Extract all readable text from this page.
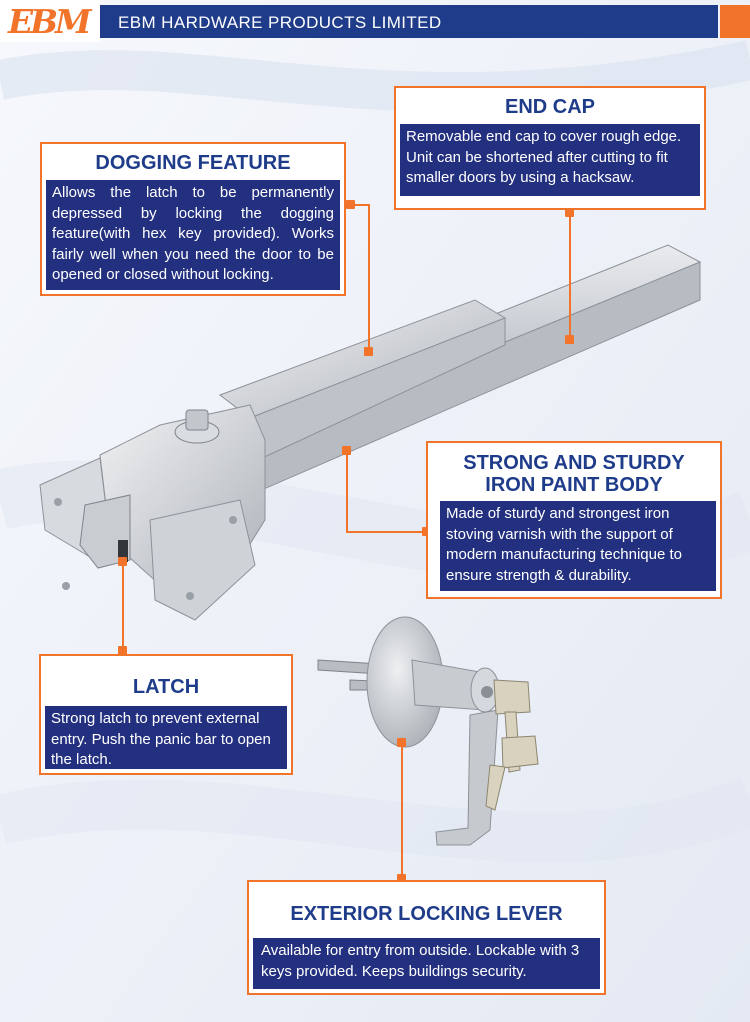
EBM EBM HARDWARE PRODUCTS LIMITED
DOGGING FEATURE
Allows the latch to be permanently depressed by locking the dogging feature(with hex key provided). Works fairly well when you need the door to be opened or closed without locking.
END CAP
Removable end cap to cover rough edge. Unit can be shortened after cutting to fit smaller doors by using a hacksaw.
STRONG AND STURDY
IRON PAINT BODY
Made of sturdy and strongest iron stoving varnish with the support of modern manufacturing technique to ensure strength & durability.
LATCH
Strong latch to prevent external entry. Push the panic bar to open the latch.
EXTERIOR LOCKING LEVER
Available for entry from outside. Lockable with 3 keys provided. Keeps buildings security.
